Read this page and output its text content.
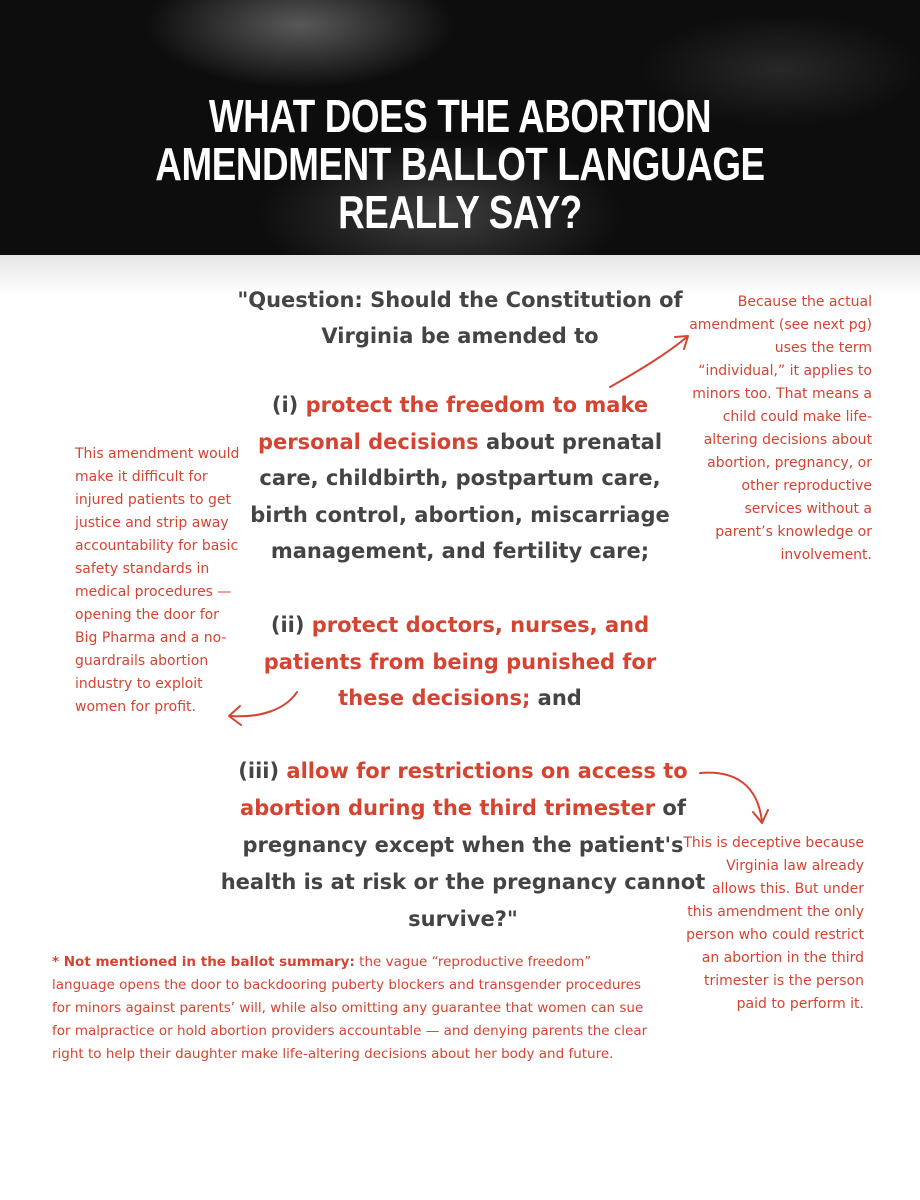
WHAT DOES THE ABORTION AMENDMENT BALLOT LANGUAGE REALLY SAY?
"Question: Should the Constitution of Virginia be amended to
(i) protect the freedom to make personal decisions about prenatal care, childbirth, postpartum care, birth control, abortion, miscarriage management, and fertility care;
(ii) protect doctors, nurses, and patients from being punished for these decisions; and
(iii) allow for restrictions on access to abortion during the third trimester of pregnancy except when the patient's health is at risk or the pregnancy cannot survive?"
Because the actual amendment (see next pg) uses the term “individual,” it applies to minors too. That means a child could make life-altering decisions about abortion, pregnancy, or other reproductive services without a parent’s knowledge or involvement.
This amendment would make it difficult for injured patients to get justice and strip away accountability for basic safety standards in medical procedures — opening the door for Big Pharma and a no-guardrails abortion industry to exploit women for profit.
This is deceptive because Virginia law already allows this. But under this amendment the only person who could restrict an abortion in the third trimester is the person paid to perform it.
* Not mentioned in the ballot summary: the vague “reproductive freedom” language opens the door to backdooring puberty blockers and transgender procedures for minors against parents’ will, while also omitting any guarantee that women can sue for malpractice or hold abortion providers accountable — and denying parents the clear right to help their daughter make life-altering decisions about her body and future.
